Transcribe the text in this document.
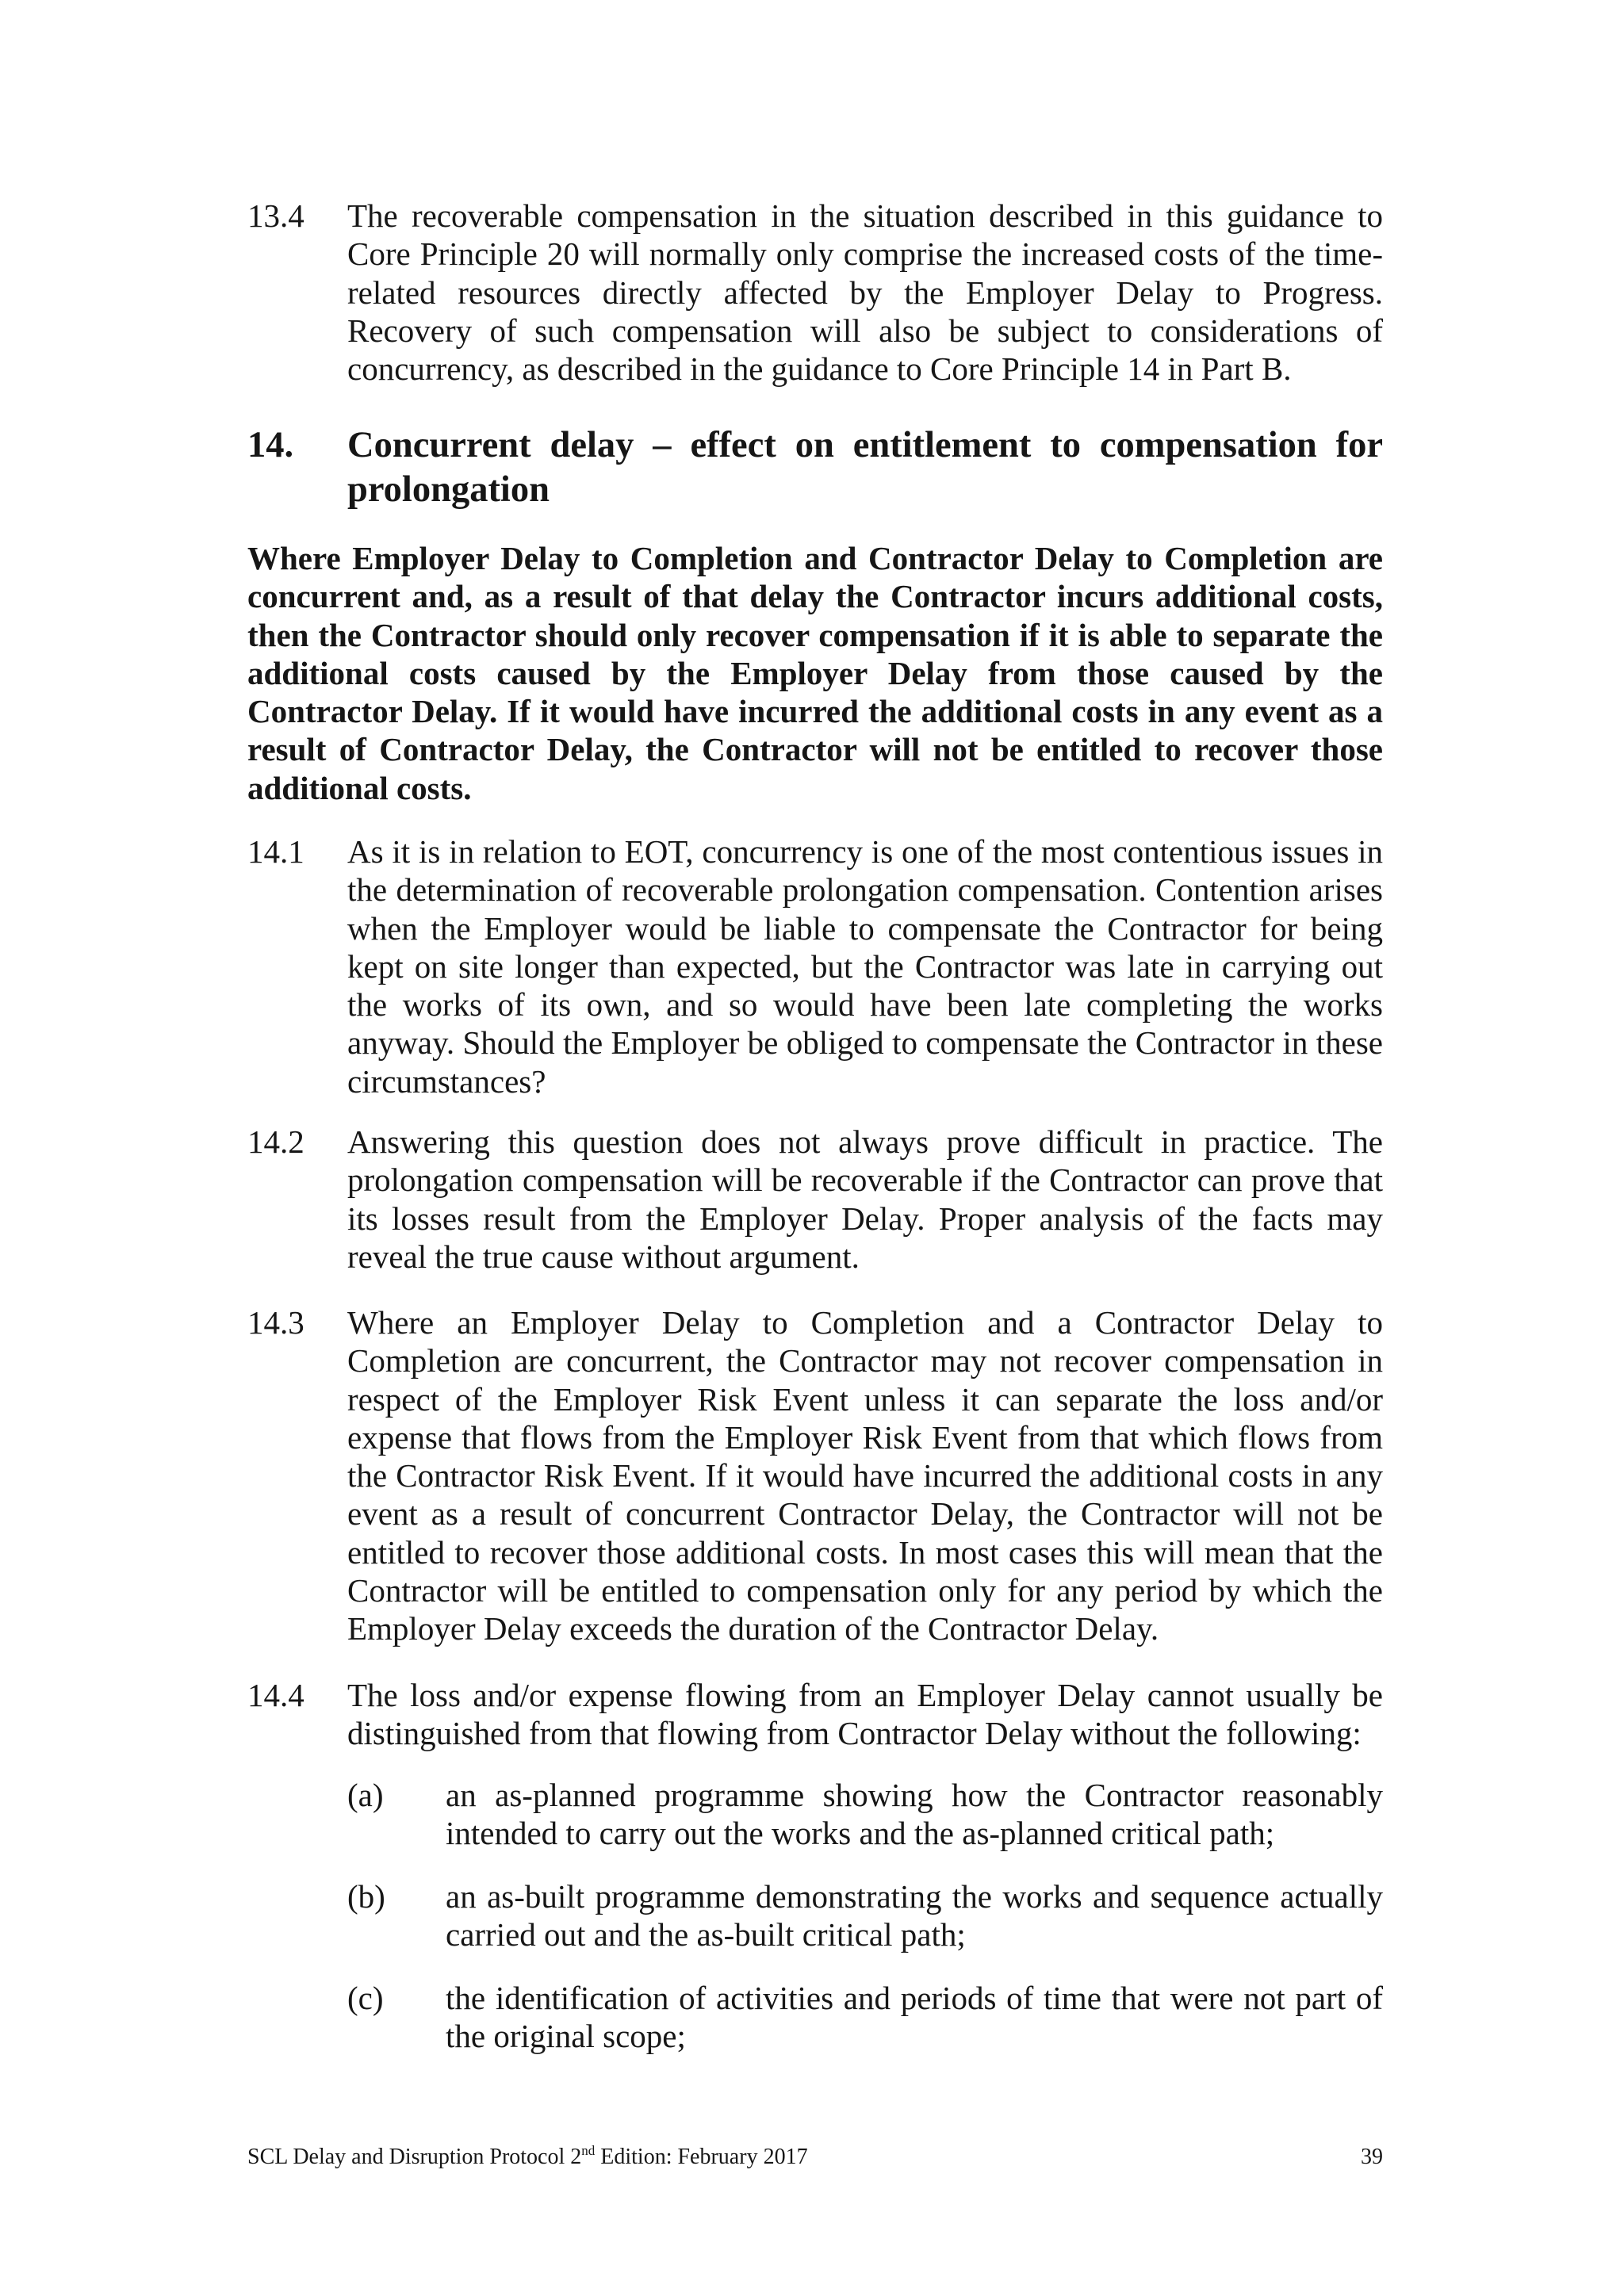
13.4	The recoverable compensation in the situation described in this guidance to Core Principle 20 will normally only comprise the increased costs of the time-related resources directly affected by the Employer Delay to Progress. Recovery of such compensation will also be subject to considerations of concurrency, as described in the guidance to Core Principle 14 in Part B.
14. Concurrent delay – effect on entitlement to compensation for prolongation
Where Employer Delay to Completion and Contractor Delay to Completion are concurrent and, as a result of that delay the Contractor incurs additional costs, then the Contractor should only recover compensation if it is able to separate the additional costs caused by the Employer Delay from those caused by the Contractor Delay. If it would have incurred the additional costs in any event as a result of Contractor Delay, the Contractor will not be entitled to recover those additional costs.
14.1	As it is in relation to EOT, concurrency is one of the most contentious issues in the determination of recoverable prolongation compensation. Contention arises when the Employer would be liable to compensate the Contractor for being kept on site longer than expected, but the Contractor was late in carrying out the works of its own, and so would have been late completing the works anyway. Should the Employer be obliged to compensate the Contractor in these circumstances?
14.2	Answering this question does not always prove difficult in practice. The prolongation compensation will be recoverable if the Contractor can prove that its losses result from the Employer Delay. Proper analysis of the facts may reveal the true cause without argument.
14.3	Where an Employer Delay to Completion and a Contractor Delay to Completion are concurrent, the Contractor may not recover compensation in respect of the Employer Risk Event unless it can separate the loss and/or expense that flows from the Employer Risk Event from that which flows from the Contractor Risk Event. If it would have incurred the additional costs in any event as a result of concurrent Contractor Delay, the Contractor will not be entitled to recover those additional costs. In most cases this will mean that the Contractor will be entitled to compensation only for any period by which the Employer Delay exceeds the duration of the Contractor Delay.
14.4	The loss and/or expense flowing from an Employer Delay cannot usually be distinguished from that flowing from Contractor Delay without the following:
(a) an as-planned programme showing how the Contractor reasonably intended to carry out the works and the as-planned critical path;
(b) an as-built programme demonstrating the works and sequence actually carried out and the as-built critical path;
(c) the identification of activities and periods of time that were not part of the original scope;
SCL Delay and Disruption Protocol 2nd Edition: February 2017	39
